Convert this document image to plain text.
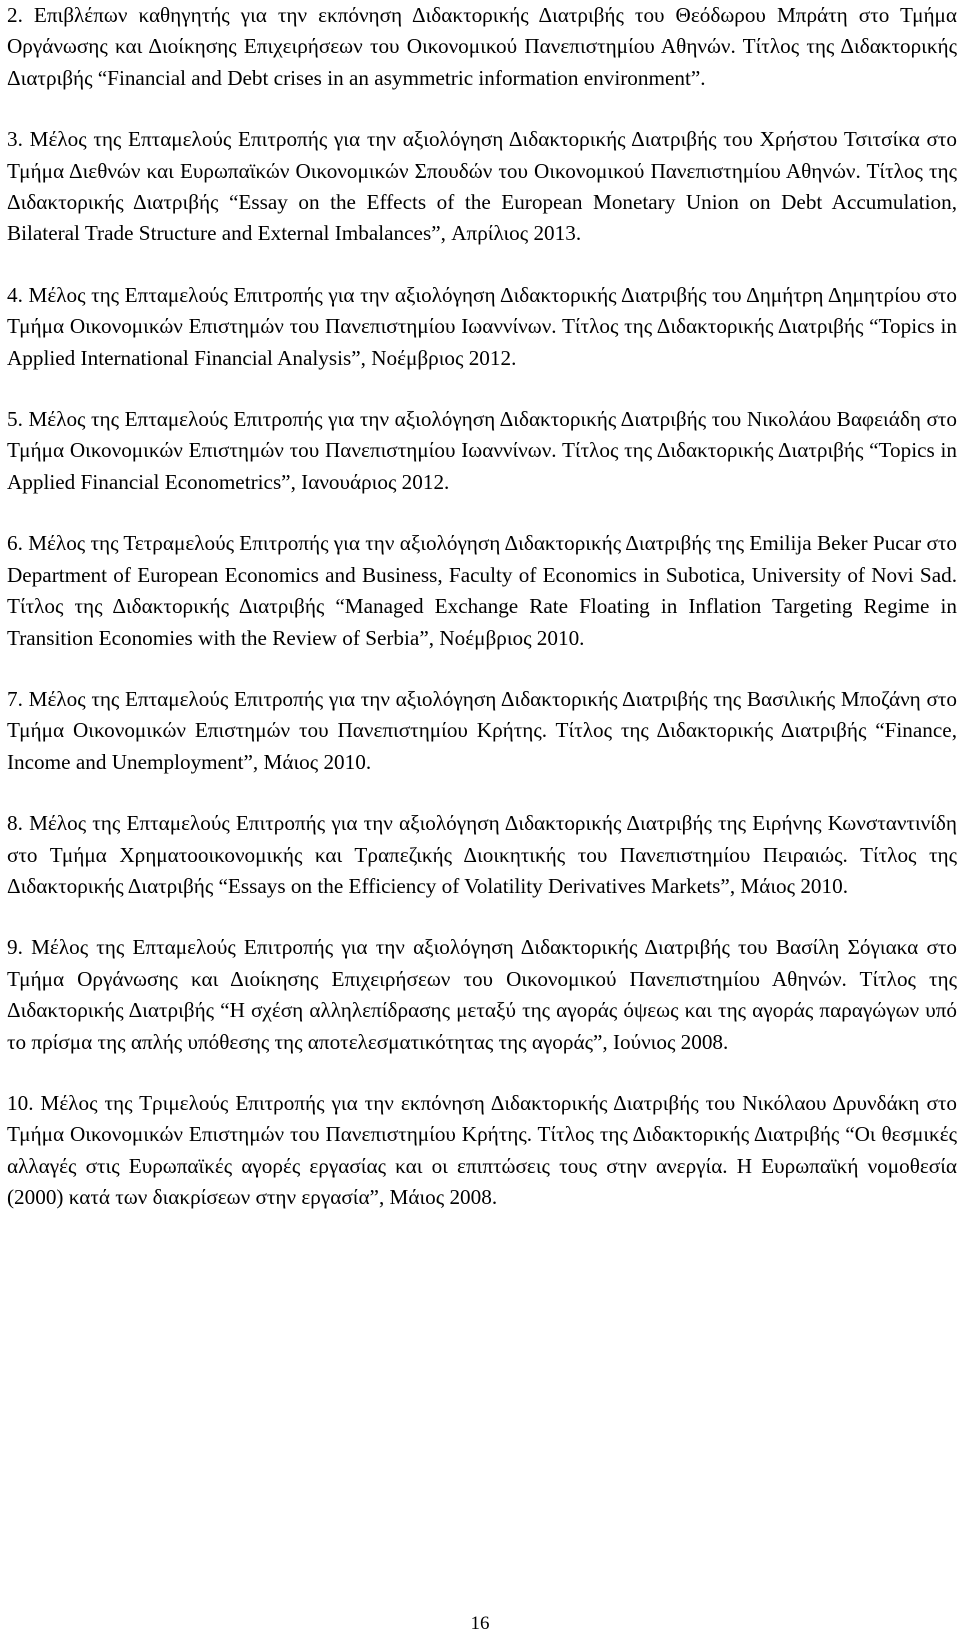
2. Επιβλέπων καθηγητής για την εκπόνηση Διδακτορικής Διατριβής του Θεόδωρου Μπράτη στο Τμήμα Οργάνωσης και Διοίκησης Επιχειρήσεων του Οικονομικού Πανεπιστημίου Αθηνών. Τίτλος της Διδακτορικής Διατριβής “Financial and Debt crises in an asymmetric information environment”.

3. Μέλος της Επταμελούς Επιτροπής για την αξιολόγηση Διδακτορικής Διατριβής του Χρήστου Τσιτσίκα στο Τμήμα Διεθνών και Ευρωπαϊκών Οικονομικών Σπουδών του Οικονομικού Πανεπιστημίου Αθηνών. Τίτλος της Διδακτορικής Διατριβής “Essay on the Effects of the European Monetary Union on Debt Accumulation, Bilateral Trade Structure and External Imbalances”, Απρίλιος 2013.

4. Μέλος της Επταμελούς Επιτροπής για την αξιολόγηση Διδακτορικής Διατριβής του Δημήτρη Δημητρίου στο Τμήμα Οικονομικών Επιστημών του Πανεπιστημίου Ιωαννίνων. Τίτλος της Διδακτορικής Διατριβής “Topics in Applied International Financial Analysis”, Νοέμβριος 2012.

5. Μέλος της Επταμελούς Επιτροπής για την αξιολόγηση Διδακτορικής Διατριβής του Νικολάου Βαφειάδη στο Τμήμα Οικονομικών Επιστημών του Πανεπιστημίου Ιωαννίνων. Τίτλος της Διδακτορικής Διατριβής “Topics in Applied Financial Econometrics”, Ιανουάριος 2012.

6. Μέλος της Τετραμελούς Επιτροπής για την αξιολόγηση Διδακτορικής Διατριβής της Emilija Beker Pucar στο Department of European Economics and Business, Faculty of Economics in Subotica, University of Novi Sad. Τίτλος της Διδακτορικής Διατριβής “Managed Exchange Rate Floating in Inflation Targeting Regime in Transition Economies with the Review of Serbia”, Νοέμβριος 2010.

7. Μέλος της Επταμελούς Επιτροπής για την αξιολόγηση Διδακτορικής Διατριβής της Βασιλικής Μποζάνη στο Τμήμα Οικονομικών Επιστημών του Πανεπιστημίου Κρήτης. Τίτλος της Διδακτορικής Διατριβής “Finance, Income and Unemployment”, Μάιος 2010.

8. Μέλος της Επταμελούς Επιτροπής για την αξιολόγηση Διδακτορικής Διατριβής της Ειρήνης Κωνσταντινίδη στο Τμήμα Χρηματοοικονομικής και Τραπεζικής Διοικητικής του Πανεπιστημίου Πειραιώς. Τίτλος της Διδακτορικής Διατριβής “Essays on the Efficiency of Volatility Derivatives Markets”, Μάιος 2010.

9. Μέλος της Επταμελούς Επιτροπής για την αξιολόγηση Διδακτορικής Διατριβής του Βασίλη Σόγιακα στο Τμήμα Οργάνωσης και Διοίκησης Επιχειρήσεων του Οικονομικού Πανεπιστημίου Αθηνών. Τίτλος της Διδακτορικής Διατριβής “Η σχέση αλληλεπίδρασης μεταξύ της αγοράς όψεως και της αγοράς παραγώγων υπό το πρίσμα της απλής υπόθεσης της αποτελεσματικότητας της αγοράς”, Ιούνιος 2008.

10. Μέλος της Τριμελούς Επιτροπής για την εκπόνηση Διδακτορικής Διατριβής του Νικόλαου Δρυνδάκη στο Τμήμα Οικονομικών Επιστημών του Πανεπιστημίου Κρήτης. Τίτλος της Διδακτορικής Διατριβής “Οι θεσμικές αλλαγές στις Ευρωπαϊκές αγορές εργασίας και οι επιπτώσεις τους στην ανεργία. Η Ευρωπαϊκή νομοθεσία (2000) κατά των διακρίσεων στην εργασία”, Μάιος 2008.

16
